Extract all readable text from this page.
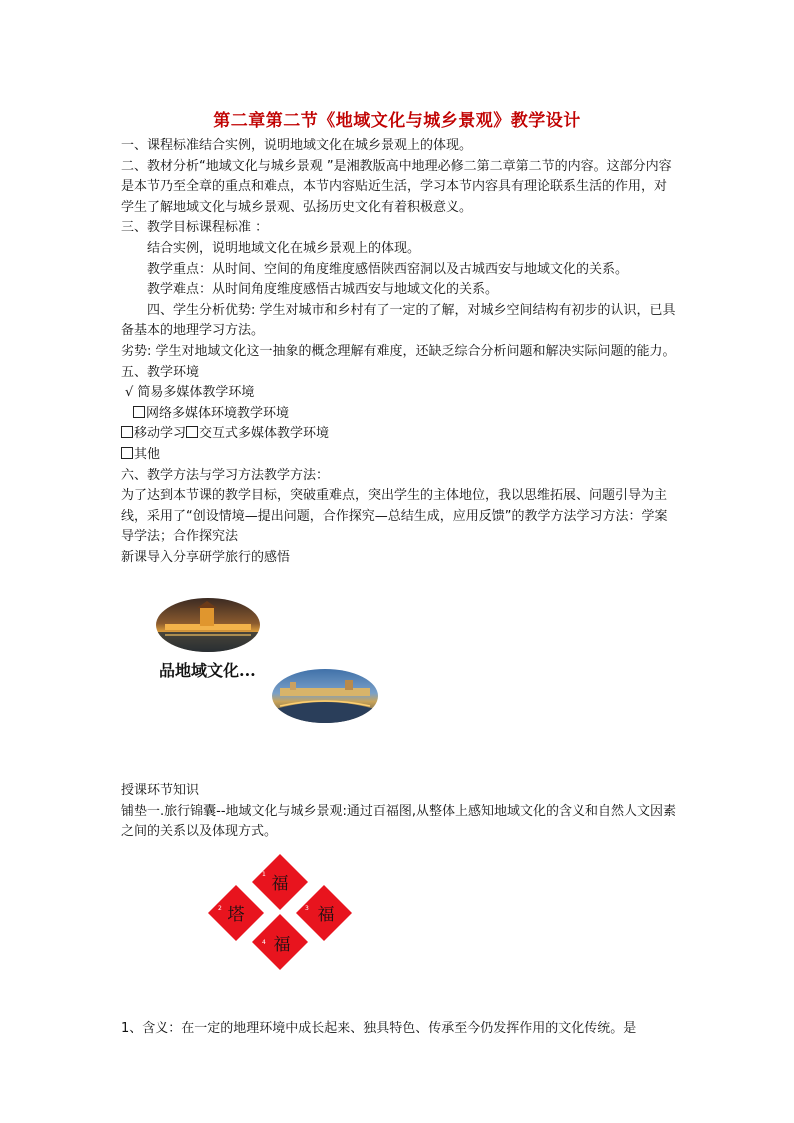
第二章第二节《地域文化与城乡景观》教学设计

一、课程标准结合实例，说明地域文化在城乡景观上的体现。

二、教材分析“地域文化与城乡景观 ”是湘教版高中地理必修二第二章第二节的内容。这部分内容是本节乃至全章的重点和难点，本节内容贴近生活，学习本节内容具有理论联系生活的作用，对学生了解地域文化与城乡景观、弘扬历史文化有着积极意义。

三、教学目标课程标准 ：

结合实例，说明地域文化在城乡景观上的体现。

教学重点：从时间、空间的角度维度感悟陕西窑洞以及古城西安与地域文化的关系。

教学难点：从时间角度维度感悟古城西安与地域文化的关系。

四、学生分析优势: 学生对城市和乡村有了一定的了解，对城乡空间结构有初步的认识，已具备基本的地理学习方法。

劣势: 学生对地域文化这一抽象的概念理解有难度，还缺乏综合分析问题和解决实际问题的能力。

五、教学环境

√ 简易多媒体教学环境

网络多媒体环境教学环境

移动学习 交互式多媒体教学环境

其他

六、教学方法与学习方法教学方法：

为了达到本节课的教学目标，突破重难点，突出学生的主体地位，我以思维拓展、问题引导为主线，采用了“创设情境—提出问题，合作探究—总结生成，应用反馈”的教学方法学习方法：学案导学法；合作探究法

新课导入分享研学旅行的感悟

品地域文化...

授课环节知识

铺垫一.旅行锦囊--地域文化与城乡景观:通过百福图,从整体上感知地域文化的含义和自然人文因素之间的关系以及体现方式。

1 福
2 塔	3 福
4 福

1、含义：在一定的地理环境中成长起来、独具特色、传承至今仍发挥作用的文化传统。是
